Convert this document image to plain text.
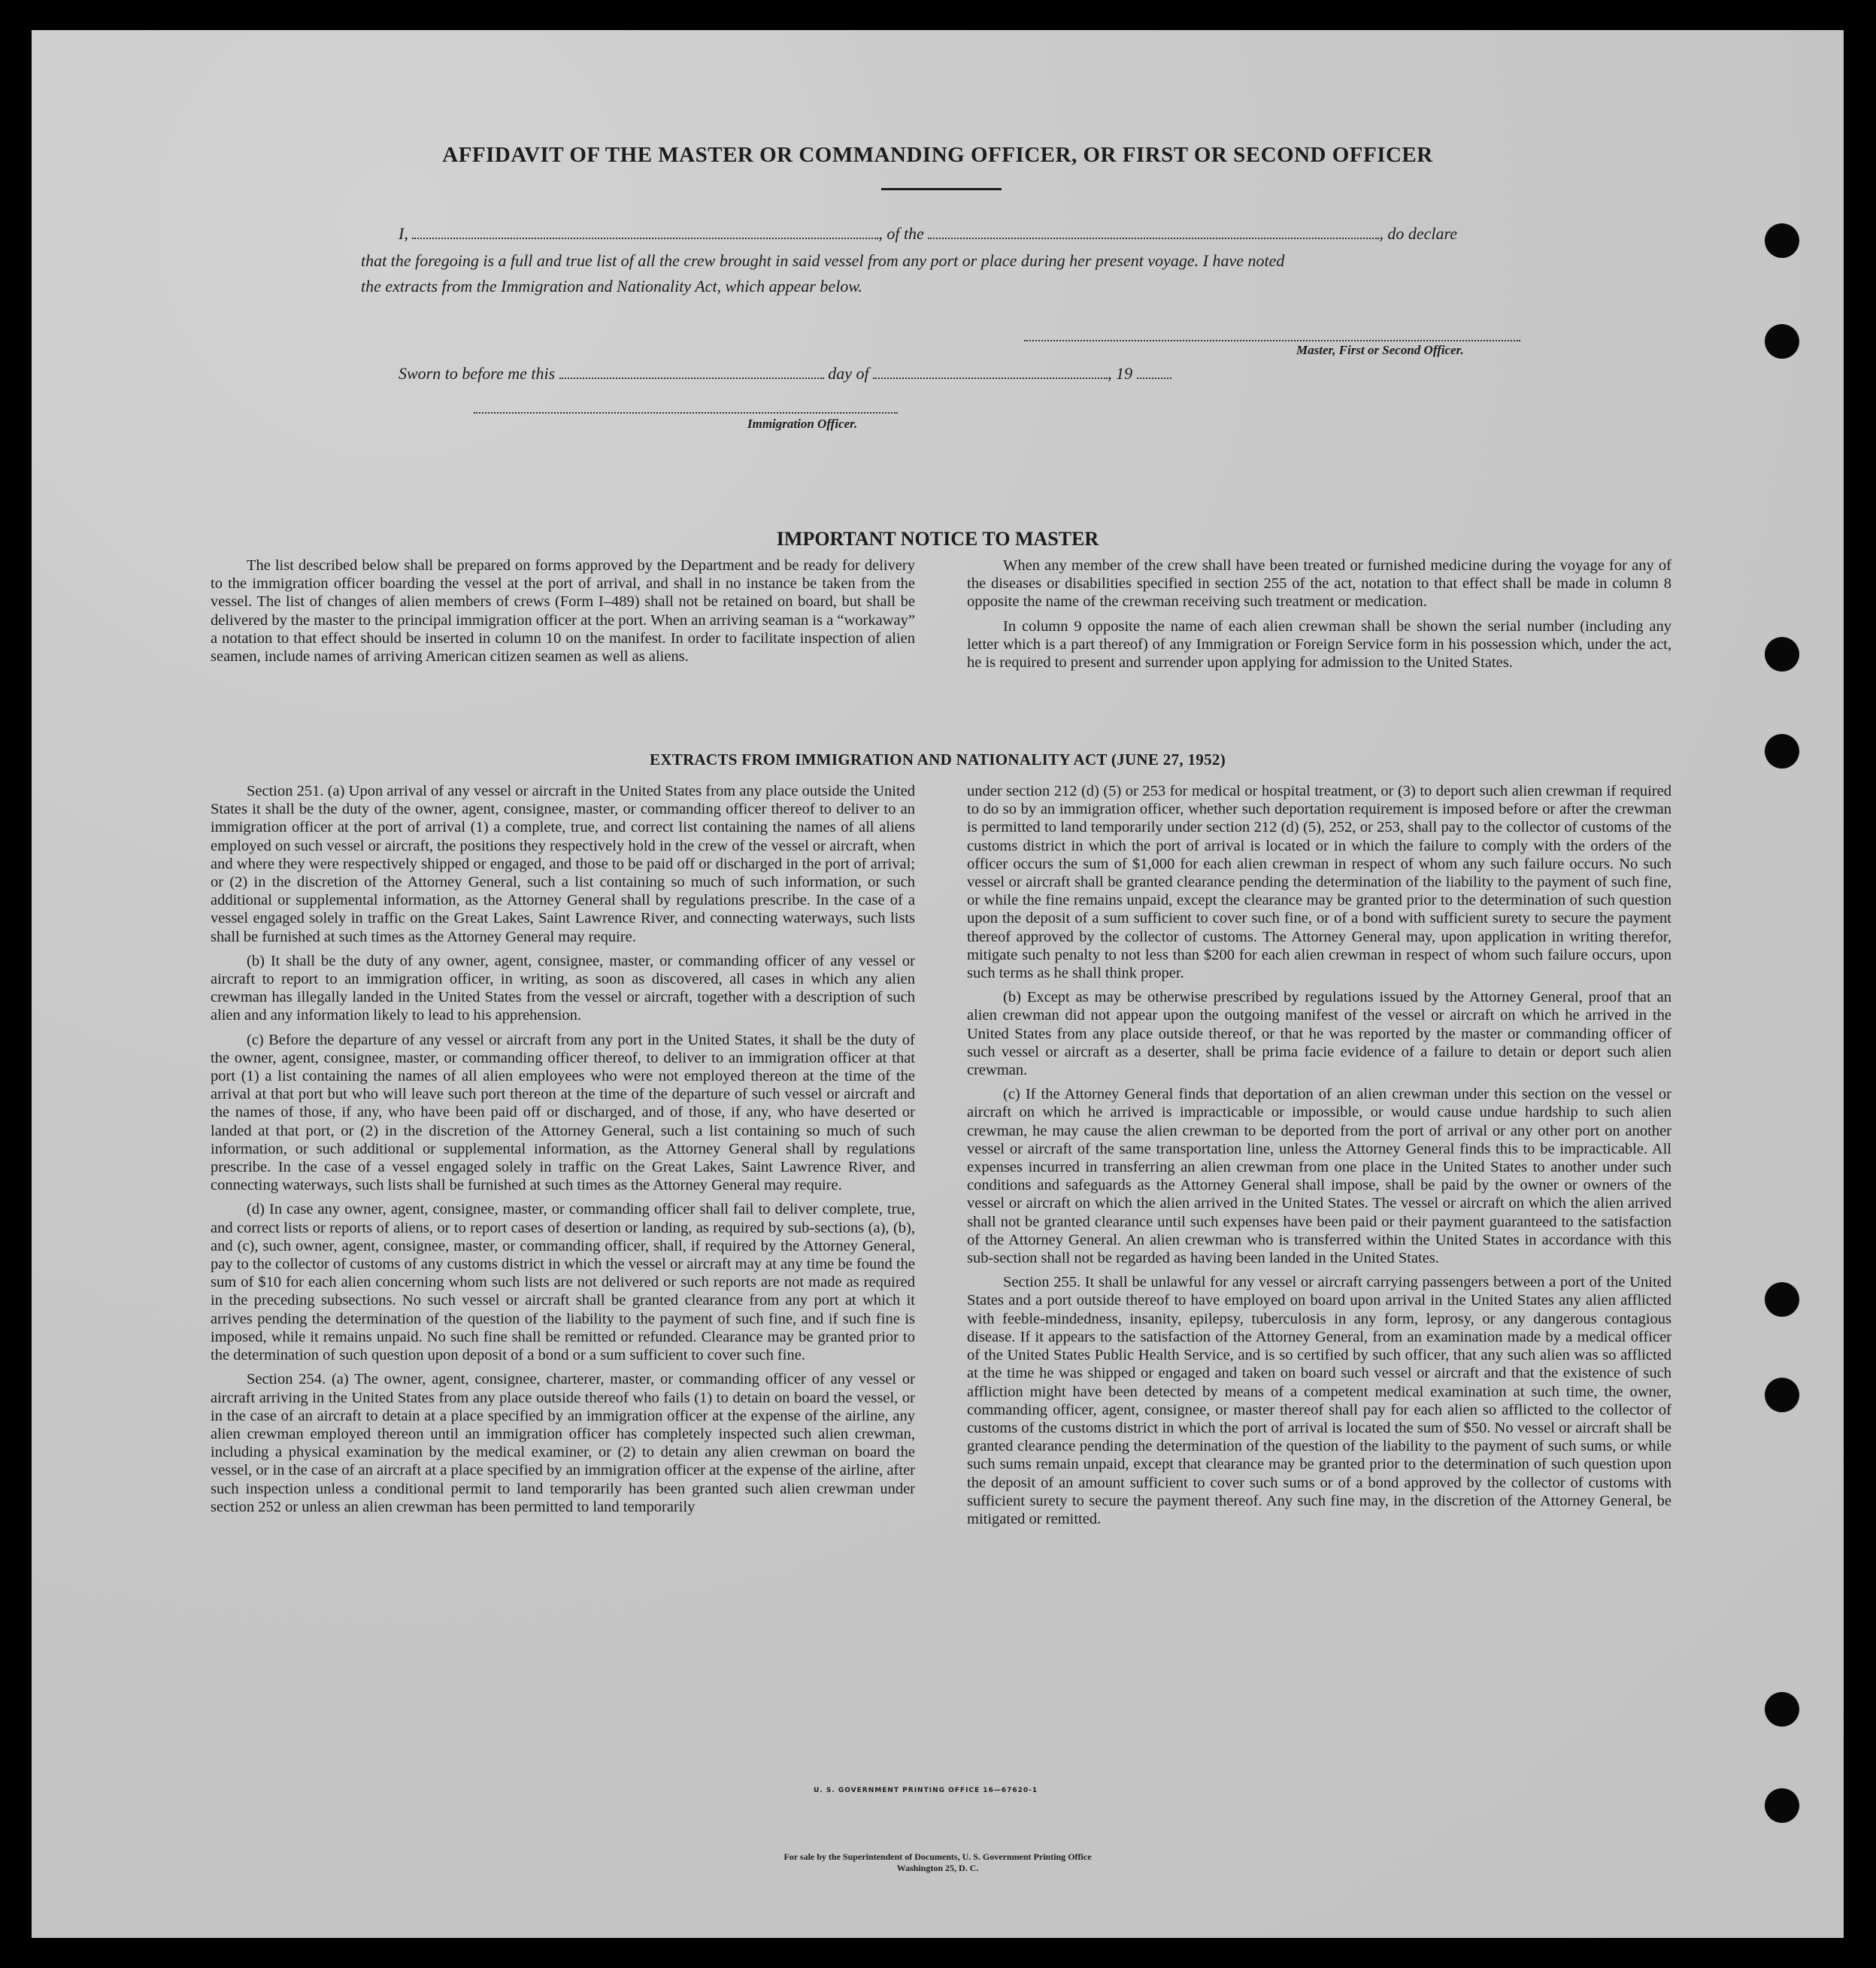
AFFIDAVIT OF THE MASTER OR COMMANDING OFFICER, OR FIRST OR SECOND OFFICER
I,	, of the	, do declare
that the foregoing is a full and true list of all the crew brought in said vessel from any port or place during her present voyage. I have noted
the extracts from the Immigration and Nationality Act, which appear below.
Master, First or Second Officer.
Sworn to before me this	day of	, 19
Immigration Officer.
IMPORTANT NOTICE TO MASTER

The list described below shall be prepared on forms approved by the Department and be ready for delivery to the immigration officer boarding the vessel at the port of arrival, and shall in no instance be taken from the vessel. The list of changes of alien members of crews (Form I–489) shall not be retained on board, but shall be delivered by the master to the principal immigration officer at the port. When an arriving seaman is a “workaway” a notation to that effect should be inserted in column 10 on the manifest. In order to facilitate inspection of alien seamen, include names of arriving American citizen seamen as well as aliens.

When any member of the crew shall have been treated or furnished medicine during the voyage for any of the diseases or disabilities specified in section 255 of the act, notation to that effect shall be made in column 8 opposite the name of the crewman receiving such treatment or medication.

In column 9 opposite the name of each alien crewman shall be shown the serial number (including any letter which is a part thereof) of any Immigration or Foreign Service form in his possession which, under the act, he is required to present and surrender upon applying for admission to the United States.

EXTRACTS FROM IMMIGRATION AND NATIONALITY ACT (JUNE 27, 1952)

Section 251. (a) Upon arrival of any vessel or aircraft in the United States from any place outside the United States it shall be the duty of the owner, agent, consignee, master, or commanding officer thereof to deliver to an immigration officer at the port of arrival (1) a complete, true, and correct list containing the names of all aliens employed on such vessel or aircraft, the positions they respectively hold in the crew of the vessel or aircraft, when and where they were respectively shipped or engaged, and those to be paid off or discharged in the port of arrival; or (2) in the discretion of the Attorney General, such a list containing so much of such information, or such additional or supplemental information, as the Attorney General shall by regulations prescribe. In the case of a vessel engaged solely in traffic on the Great Lakes, Saint Lawrence River, and connecting waterways, such lists shall be furnished at such times as the Attorney General may require.

(b) It shall be the duty of any owner, agent, consignee, master, or commanding officer of any vessel or aircraft to report to an immigration officer, in writing, as soon as discovered, all cases in which any alien crewman has illegally landed in the United States from the vessel or aircraft, together with a description of such alien and any information likely to lead to his apprehension.

(c) Before the departure of any vessel or aircraft from any port in the United States, it shall be the duty of the owner, agent, consignee, master, or commanding officer thereof, to deliver to an immigration officer at that port (1) a list containing the names of all alien employees who were not employed thereon at the time of the arrival at that port but who will leave such port thereon at the time of the departure of such vessel or aircraft and the names of those, if any, who have been paid off or discharged, and of those, if any, who have deserted or landed at that port, or (2) in the discretion of the Attorney General, such a list containing so much of such information, or such additional or supplemental information, as the Attorney General shall by regulations prescribe. In the case of a vessel engaged solely in traffic on the Great Lakes, Saint Lawrence River, and connecting waterways, such lists shall be furnished at such times as the Attorney General may require.

(d) In case any owner, agent, consignee, master, or commanding officer shall fail to deliver complete, true, and correct lists or reports of aliens, or to report cases of desertion or landing, as required by sub-sections (a), (b), and (c), such owner, agent, consignee, master, or commanding officer, shall, if required by the Attorney General, pay to the collector of customs of any customs district in which the vessel or aircraft may at any time be found the sum of $10 for each alien concerning whom such lists are not delivered or such reports are not made as required in the preceding subsections. No such vessel or aircraft shall be granted clearance from any port at which it arrives pending the determination of the question of the liability to the payment of such fine, and if such fine is imposed, while it remains unpaid. No such fine shall be remitted or refunded. Clearance may be granted prior to the determination of such question upon deposit of a bond or a sum sufficient to cover such fine.

Section 254. (a) The owner, agent, consignee, charterer, master, or commanding officer of any vessel or aircraft arriving in the United States from any place outside thereof who fails (1) to detain on board the vessel, or in the case of an aircraft to detain at a place specified by an immigration officer at the expense of the airline, any alien crewman employed thereon until an immigration officer has completely inspected such alien crewman, including a physical examination by the medical examiner, or (2) to detain any alien crewman on board the vessel, or in the case of an aircraft at a place specified by an immigration officer at the expense of the airline, after such inspection unless a conditional permit to land temporarily has been granted such alien crewman under section 252 or unless an alien crewman has been permitted to land temporarily

under section 212 (d) (5) or 253 for medical or hospital treatment, or (3) to deport such alien crewman if required to do so by an immigration officer, whether such deportation requirement is imposed before or after the crewman is permitted to land temporarily under section 212 (d) (5), 252, or 253, shall pay to the collector of customs of the customs district in which the port of arrival is located or in which the failure to comply with the orders of the officer occurs the sum of $1,000 for each alien crewman in respect of whom any such failure occurs. No such vessel or aircraft shall be granted clearance pending the determination of the liability to the payment of such fine, or while the fine remains unpaid, except the clearance may be granted prior to the determination of such question upon the deposit of a sum sufficient to cover such fine, or of a bond with sufficient surety to secure the payment thereof approved by the collector of customs. The Attorney General may, upon application in writing therefor, mitigate such penalty to not less than $200 for each alien crewman in respect of whom such failure occurs, upon such terms as he shall think proper.

(b) Except as may be otherwise prescribed by regulations issued by the Attorney General, proof that an alien crewman did not appear upon the outgoing manifest of the vessel or aircraft on which he arrived in the United States from any place outside thereof, or that he was reported by the master or commanding officer of such vessel or aircraft as a deserter, shall be prima facie evidence of a failure to detain or deport such alien crewman.

(c) If the Attorney General finds that deportation of an alien crewman under this section on the vessel or aircraft on which he arrived is impracticable or impossible, or would cause undue hardship to such alien crewman, he may cause the alien crewman to be deported from the port of arrival or any other port on another vessel or aircraft of the same transportation line, unless the Attorney General finds this to be impracticable. All expenses incurred in transferring an alien crewman from one place in the United States to another under such conditions and safeguards as the Attorney General shall impose, shall be paid by the owner or owners of the vessel or aircraft on which the alien arrived in the United States. The vessel or aircraft on which the alien arrived shall not be granted clearance until such expenses have been paid or their payment guaranteed to the satisfaction of the Attorney General. An alien crewman who is transferred within the United States in accordance with this sub-section shall not be regarded as having been landed in the United States.

Section 255. It shall be unlawful for any vessel or aircraft carrying passengers between a port of the United States and a port outside thereof to have employed on board upon arrival in the United States any alien afflicted with feeble-mindedness, insanity, epilepsy, tuberculosis in any form, leprosy, or any dangerous contagious disease. If it appears to the satisfaction of the Attorney General, from an examination made by a medical officer of the United States Public Health Service, and is so certified by such officer, that any such alien was so afflicted at the time he was shipped or engaged and taken on board such vessel or aircraft and that the existence of such affliction might have been detected by means of a competent medical examination at such time, the owner, commanding officer, agent, consignee, or master thereof shall pay for each alien so afflicted to the collector of customs of the customs district in which the port of arrival is located the sum of $50. No vessel or aircraft shall be granted clearance pending the determination of the question of the liability to the payment of such sums, or while such sums remain unpaid, except that clearance may be granted prior to the determination of such question upon the deposit of an amount sufficient to cover such sums or of a bond approved by the collector of customs with sufficient surety to secure the payment thereof. Any such fine may, in the discretion of the Attorney General, be mitigated or remitted.

U. S. GOVERNMENT PRINTING OFFICE 16—67620-1
For sale by the Superintendent of Documents, U. S. Government Printing Office
Washington 25, D. C.
